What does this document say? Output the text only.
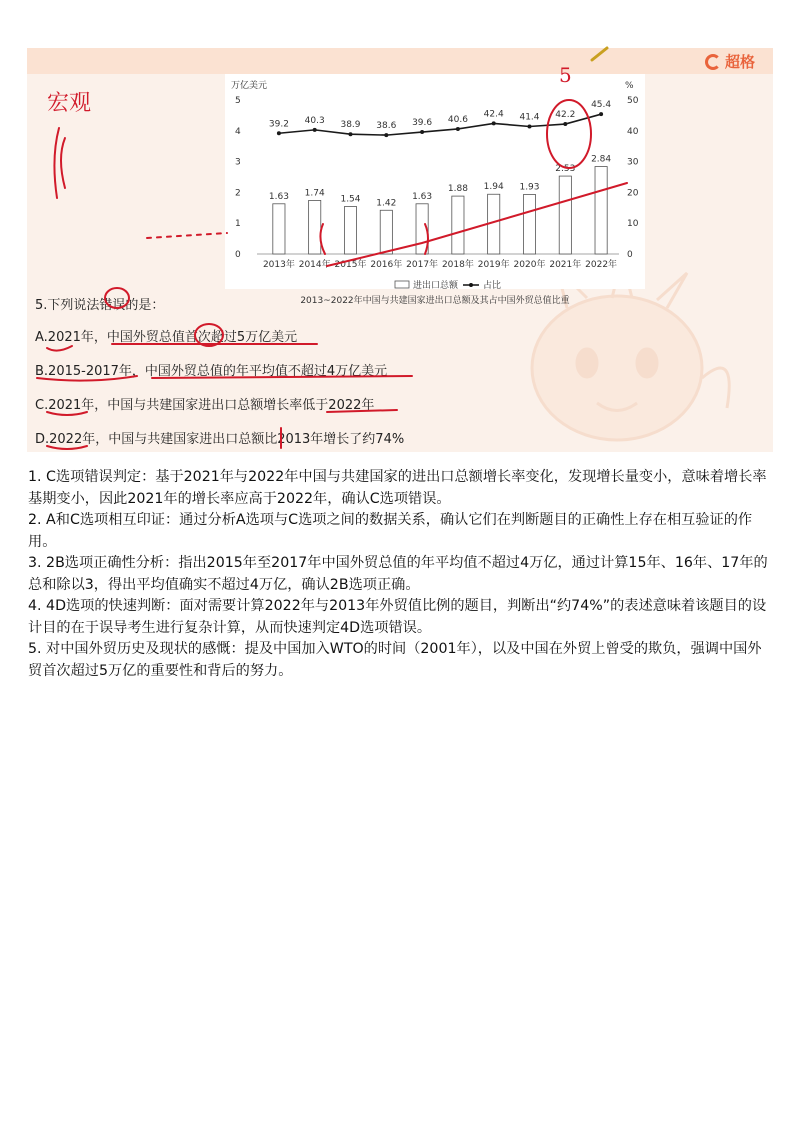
超格
万亿美元	%
0
1
2
3
4
5
0
10
20
30
40
50
1.63
2013年
1.74
2014年
1.54
2015年
1.42
2016年
1.63
2017年
1.88
2018年
1.94
2019年
1.93
2020年
2.53
2021年
2.84
2022年
39.2 40.3 38.9 38.6 39.6 40.6
42.4 41.4 42.2
45.4
进出口总额	占比
2013~2022年中国与共建国家进出口总额及其占中国外贸总值比重
5.下列说法错误的是：
A.2021年，中国外贸总值首次超过5万亿美元
B.2015-2017年，中国外贸总值的年平均值不超过4万亿美元
C.2021年，中国与共建国家进出口总额增长率低于2022年
D.2022年，中国与共建国家进出口总额比2013年增长了约74%
宏观
5
1. C选项错误判定：基于2021年与2022年中国与共建国家的进出口总额增长率变化，发现增长量变小，意味着增长率基期变小，因此2021年的增长率应高于2022年，确认C选项错误。
2. A和C选项相互印证：通过分析A选项与C选项之间的数据关系，确认它们在判断题目的正确性上存在相互验证的作用。
3. 2B选项正确性分析：指出2015年至2017年中国外贸总值的年平均值不超过4万亿，通过计算15年、16年、17年的总和除以3，得出平均值确实不超过4万亿，确认2B选项正确。
4. 4D选项的快速判断：面对需要计算2022年与2013年外贸值比例的题目，判断出“约74%”的表述意味着该题目的设计目的在于误导考生进行复杂计算，从而快速判定4D选项错误。
5. 对中国外贸历史及现状的感慨：提及中国加入WTO的时间（2001年），以及中国在外贸上曾受的欺负，强调中国外贸首次超过5万亿的重要性和背后的努力。
